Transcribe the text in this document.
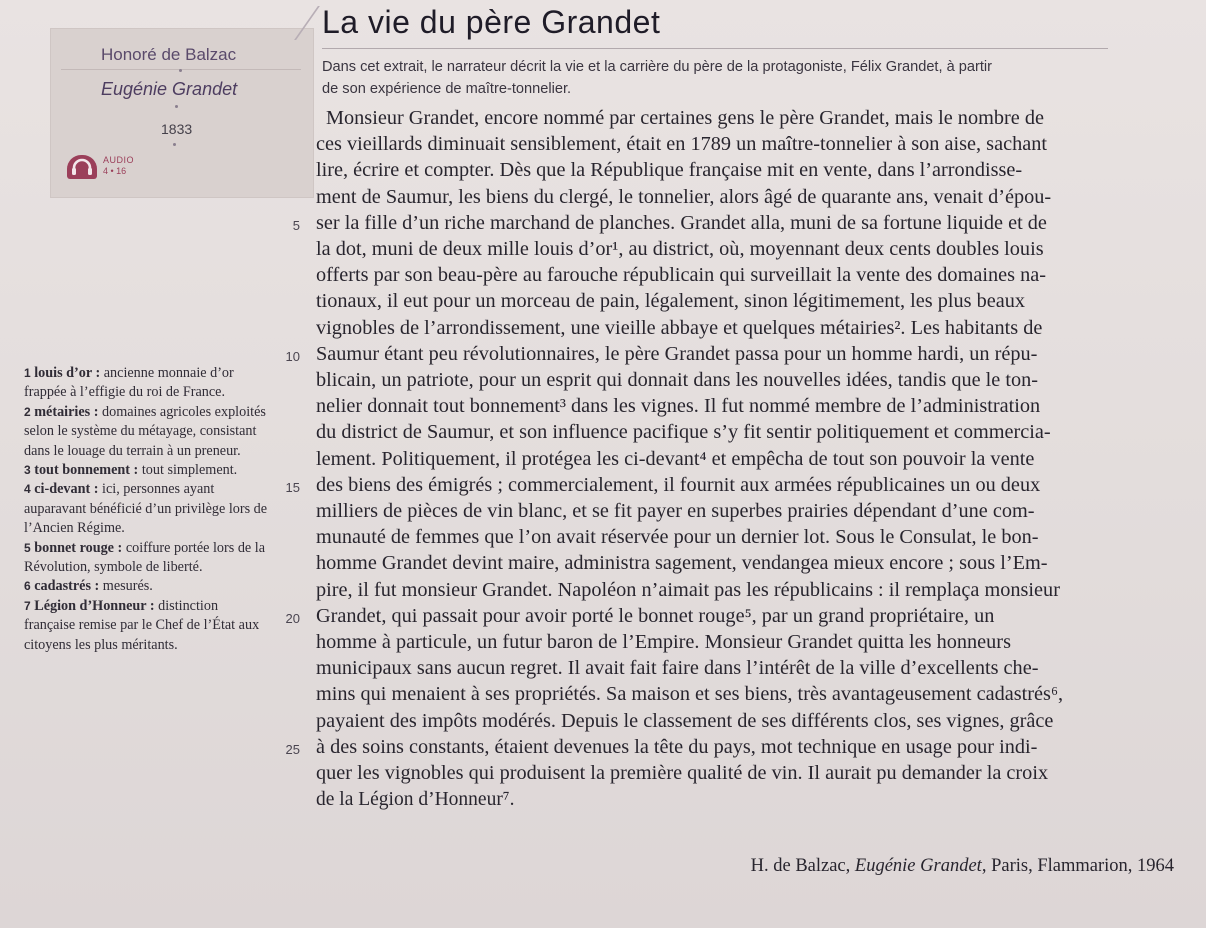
Honoré de Balzac
Eugénie Grandet
1833
AUDIO
4 • 16
La vie du père Grandet
Dans cet extrait, le narrateur décrit la vie et la carrière du père de la protagoniste, Félix Grandet, à partir
de son expérience de maître-tonnelier.
Monsieur Grandet, encore nommé par certaines gens le père Grandet, mais le nombre de
ces vieillards diminuait sensiblement, était en 1789 un maître-tonnelier à son aise, sachant
lire, écrire et compter. Dès que la République française mit en vente, dans l’arrondisse-
ment de Saumur, les biens du clergé, le tonnelier, alors âgé de quarante ans, venait d’épou-
ser la fille d’un riche marchand de planches. Grandet alla, muni de sa fortune liquide et de
la dot, muni de deux mille louis d’or¹, au district, où, moyennant deux cents doubles louis
offerts par son beau-père au farouche républicain qui surveillait la vente des domaines na-
tionaux, il eut pour un morceau de pain, légalement, sinon légitimement, les plus beaux
vignobles de l’arrondissement, une vieille abbaye et quelques métairies². Les habitants de
Saumur étant peu révolutionnaires, le père Grandet passa pour un homme hardi, un répu-
blicain, un patriote, pour un esprit qui donnait dans les nouvelles idées, tandis que le ton-
nelier donnait tout bonnement³ dans les vignes. Il fut nommé membre de l’administration
du district de Saumur, et son influence pacifique s’y fit sentir politiquement et commercia-
lement. Politiquement, il protégea les ci-devant⁴ et empêcha de tout son pouvoir la vente
des biens des émigrés ; commercialement, il fournit aux armées républicaines un ou deux
milliers de pièces de vin blanc, et se fit payer en superbes prairies dépendant d’une com-
munauté de femmes que l’on avait réservée pour un dernier lot. Sous le Consulat, le bon-
homme Grandet devint maire, administra sagement, vendangea mieux encore ; sous l’Em-
pire, il fut monsieur Grandet. Napoléon n’aimait pas les républicains : il remplaça monsieur
Grandet, qui passait pour avoir porté le bonnet rouge⁵, par un grand propriétaire, un
homme à particule, un futur baron de l’Empire. Monsieur Grandet quitta les honneurs
municipaux sans aucun regret. Il avait fait faire dans l’intérêt de la ville d’excellents che-
mins qui menaient à ses propriétés. Sa maison et ses biens, très avantageusement cadastrés⁶,
payaient des impôts modérés. Depuis le classement de ses différents clos, ses vignes, grâce
à des soins constants, étaient devenues la tête du pays, mot technique en usage pour indi-
quer les vignobles qui produisent la première qualité de vin. Il aurait pu demander la croix
de la Légion d’Honneur⁷.
5
10
15
20
25

1 louis d’or : ancienne monnaie d’or frappée à l’effigie du roi de France.

2 métairies : domaines agricoles exploités selon le système du métayage, consistant dans le louage du terrain à un preneur.

3 tout bonnement : tout simplement.

4 ci-devant : ici, personnes ayant auparavant bénéficié d’un privilège lors de l’Ancien Régime.

5 bonnet rouge : coiffure portée lors de la Révolution, symbole de liberté.

6 cadastrés : mesurés.

7 Légion d’Honneur : distinction française remise par le Chef de l’État aux citoyens les plus méritants.

H. de Balzac, Eugénie Grandet, Paris, Flammarion, 1964
